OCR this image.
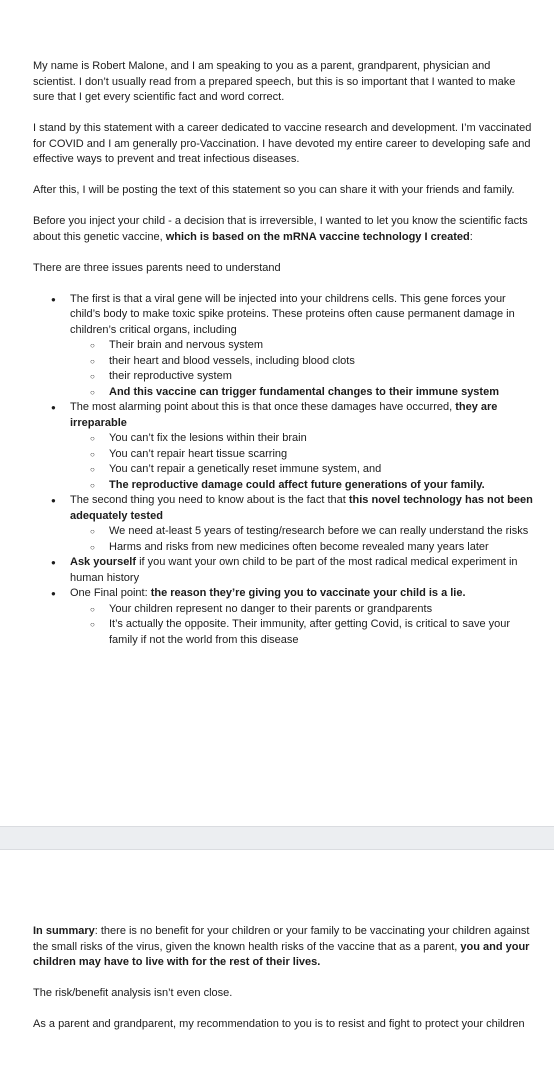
My name is Robert Malone, and I am speaking to you as a parent, grandparent, physician and scientist. I don’t usually read from a prepared speech, but this is so important that I wanted to make sure that I get every scientific fact and word correct.

I stand by this statement with a career dedicated to vaccine research and development. I’m vaccinated for COVID and I am generally pro-Vaccination. I have devoted my entire career to developing safe and effective ways to prevent and treat infectious diseases.

After this, I will be posting the text of this statement so you can share it with your friends and family.

Before you inject your child - a decision that is irreversible, I wanted to let you know the scientific facts about this genetic vaccine, which is based on the mRNA vaccine technology I created:

There are three issues parents need to understand

● The first is that a viral gene will be injected into your childrens cells. This gene forces your child’s body to make toxic spike proteins. These proteins often cause permanent damage in children’s critical organs, including
○ Their brain and nervous system
○ their heart and blood vessels, including blood clots
○ their reproductive system
○ And this vaccine can trigger fundamental changes to their immune system
● The most alarming point about this is that once these damages have occurred, they are irreparable
○ You can’t fix the lesions within their brain
○ You can’t repair heart tissue scarring
○ You can’t repair a genetically reset immune system, and
○ The reproductive damage could affect future generations of your family.
● The second thing you need to know about is the fact that this novel technology has not been adequately tested
○ We need at-least 5 years of testing/research before we can really understand the risks
○ Harms and risks from new medicines often become revealed many years later
● Ask yourself if you want your own child to be part of the most radical medical experiment in human history
● One Final point: the reason they’re giving you to vaccinate your child is a lie.
○ Your children represent no danger to their parents or grandparents
○ It’s actually the opposite. Their immunity, after getting Covid, is critical to save your family if not the world from this disease

In summary: there is no benefit for your children or your family to be vaccinating your children against the small risks of the virus, given the known health risks of the vaccine that as a parent, you and your children may have to live with for the rest of their lives.

The risk/benefit analysis isn’t even close.

As a parent and grandparent, my recommendation to you is to resist and fight to protect your children
